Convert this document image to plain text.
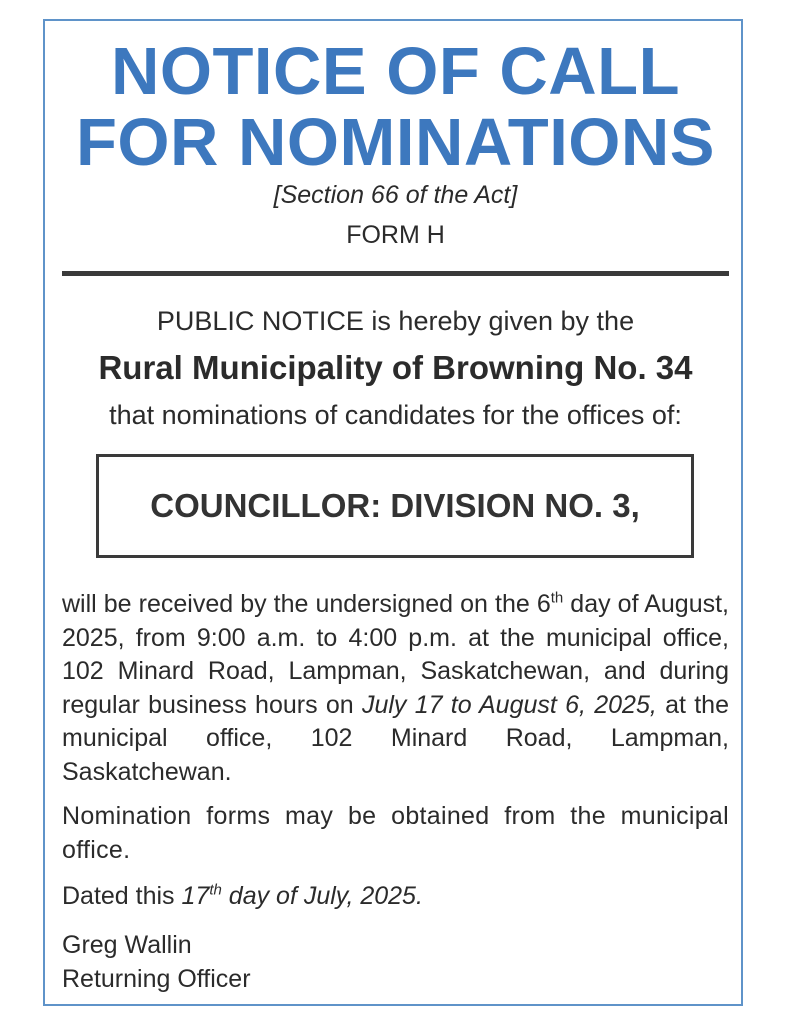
NOTICE OF CALL
FOR NOMINATIONS
[Section 66 of the Act]
FORM H
PUBLIC NOTICE is hereby given by the
Rural Municipality of Browning No. 34
that nominations of candidates for the offices of:
COUNCILLOR: DIVISION NO. 3,
will be received by the undersigned on the 6th day of August, 2025, from 9:00 a.m. to 4:00 p.m. at the municipal office, 102 Minard Road, Lampman, Saskatchewan, and during regular business hours on July 17 to August 6, 2025, at the municipal office, 102 Minard Road, Lampman, Saskatchewan.
Nomination forms may be obtained from the municipal office.
Dated this 17th day of July, 2025.
Greg Wallin
Returning Officer
